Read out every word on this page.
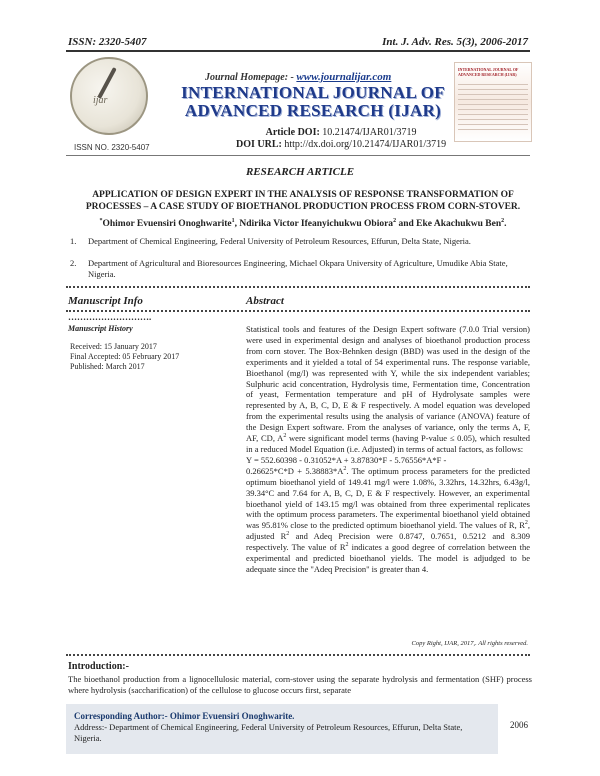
ISSN: 2320-5407	Int. J. Adv. Res. 5(3), 2006-2017
ijar
ISSN NO. 2320-5407
Journal Homepage: - www.journalijar.com
INTERNATIONAL JOURNAL OF
ADVANCED RESEARCH (IJAR)
Article DOI: 10.21474/IJAR01/3719
DOI URL: http://dx.doi.org/10.21474/IJAR01/3719
INTERNATIONAL JOURNAL OF ADVANCED RESEARCH (IJAR)
RESEARCH ARTICLE
APPLICATION OF DESIGN EXPERT IN THE ANALYSIS OF RESPONSE TRANSFORMATION OF PROCESSES – A CASE STUDY OF BIOETHANOL PRODUCTION PROCESS FROM CORN-STOVER.
*Ohimor Evuensiri Onoghwarite$^1$, Ndirika Victor Ifeanyichukwu Obiora$^2$ and Eke Akachukwu Ben$^2$.
1. Department of Chemical Engineering, Federal University of Petroleum Resources, Effurun, Delta State, Nigeria.
2. Department of Agricultural and Bioresources Engineering, Michael Okpara University of Agriculture, Umudike Abia State, Nigeria.
Manuscript Info	Abstract
……………………….
Manuscript History
Received: 15 January 2017
Final Accepted: 05 February 2017
Published: March 2017

Statistical tools and features of the Design Expert software (7.0.0 Trial version) were used in experimental design and analyses of bioethanol production process from corn stover. The Box-Behnken design (BBD) was used in the design of the experiments and it yielded a total of 54 experimental runs. The response variable, Bioethanol (mg/l) was represented with Y, while the six independent variables; Sulphuric acid concentration, Hydrolysis time, Fermentation time, Concentration of yeast, Fermentation temperature and pH of Hydrolysate samples were represented by A, B, C, D, E & F respectively. A model equation was developed from the experimental results using the analysis of variance (ANOVA) feature of the Design Expert software. From the analyses of variance, only the terms A, F, AF, CD, $A^2$ were significant model terms (having P-value ≤ 0.05), which resulted in a reduced Model Equation (i.e. Adjusted) in terms of actual factors, as follows:

Y = 552.60398 - 0.31052*A + 3.87830*F - 5.76556*A*F -

$0.26625*C*D + 5.38883*A^2$. The optimum process parameters for the predicted optimum bioethanol yield of 149.41 mg/l were 1.08%, 3.32hrs, 14.32hrs, 6.43g/l, 39.34°C and 7.64 for A, B, C, D, E & F respectively. However, an experimental bioethanol yield of 143.15 mg/l was obtained from three experimental replicates with the optimum process parameters. The experimental bioethanol yield obtained was 95.81% close to the predicted optimum bioethanol yield. The values of R, $R^2$, adjusted $R^2$ and Adeq Precision were 0.8747, 0.7651, 0.5212 and 8.309 respectively. The value of $R^2$ indicates a good degree of correlation between the experimental and predicted bioethanol yields. The model is adjudged to be adequate since the "Adeq Precision" is greater than 4.

Copy Right, IJAR, 2017,. All rights reserved.
Introduction:-
The bioethanol production from a lignocellulosic material, corn-stover using the separate hydrolysis and fermentation (SHF) process where hydrolysis (saccharification) of the cellulose to glucose occurs first, separate
Corresponding Author:- Ohimor Evuensiri Onoghwarite.
Address:- Department of Chemical Engineering, Federal University of Petroleum Resources, Effurun, Delta State, Nigeria.
2006
